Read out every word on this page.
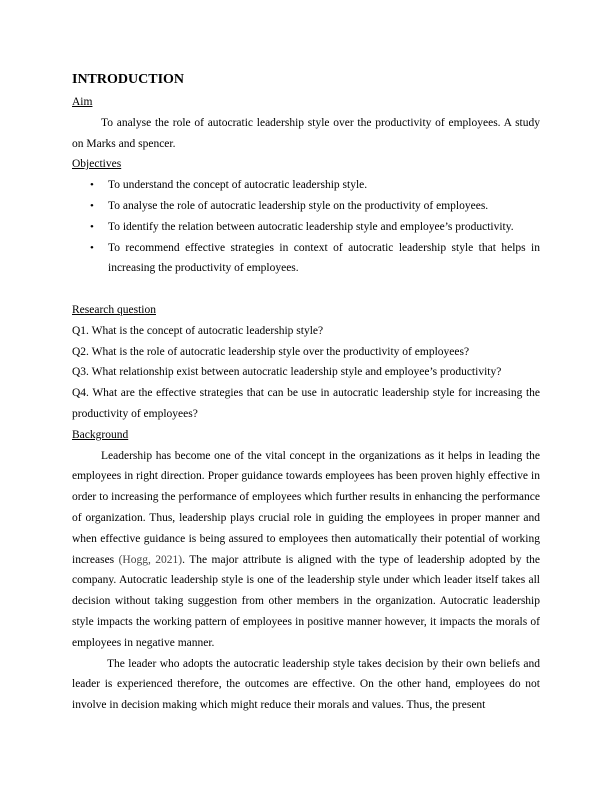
INTRODUCTION

Aim

To analyse the role of autocratic leadership style over the productivity of employees. A study on Marks and spencer.

Objectives

• To understand the concept of autocratic leadership style.
• To analyse the role of autocratic leadership style on the productivity of employees.
• To identify the relation between autocratic leadership style and employee’s productivity.
• To recommend effective strategies in context of autocratic leadership style that helps in increasing the productivity of employees.

Research question

Q1. What is the concept of autocratic leadership style?

Q2. What is the role of autocratic leadership style over the productivity of employees?

Q3. What relationship exist between autocratic leadership style and employee’s productivity?

Q4. What are the effective strategies that can be use in autocratic leadership style for increasing the productivity of employees?

Background

Leadership has become one of the vital concept in the organizations as it helps in leading the employees in right direction. Proper guidance towards employees has been proven highly effective in order to increasing the performance of employees which further results in enhancing the performance of organization. Thus, leadership plays crucial role in guiding the employees in proper manner and when effective guidance is being assured to employees then automatically their potential of working increases (Hogg, 2021). The major attribute is aligned with the type of leadership adopted by the company. Autocratic leadership style is one of the leadership style under which leader itself takes all decision without taking suggestion from other members in the organization. Autocratic leadership style impacts the working pattern of employees in positive manner however, it impacts the morals of employees in negative manner.

The leader who adopts the autocratic leadership style takes decision by their own beliefs and leader is experienced therefore, the outcomes are effective. On the other hand, employees do not involve in decision making which might reduce their morals and values. Thus, the present
